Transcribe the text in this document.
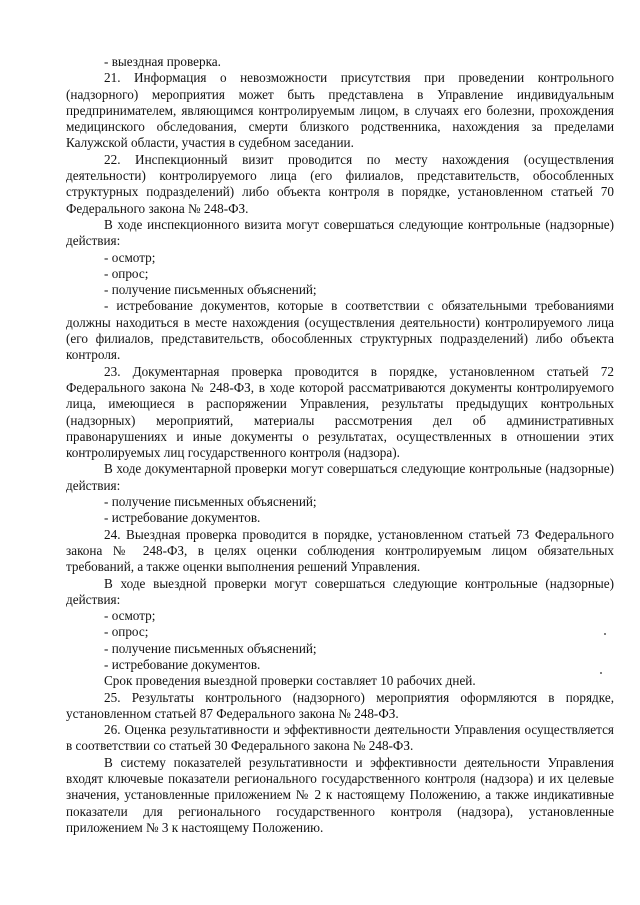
- выездная проверка.

21. Информация о невозможности присутствия при проведении контрольного (надзорного) мероприятия может быть представлена в Управление индивидуальным предпринимателем, являющимся контролируемым лицом, в случаях его болезни, прохождения медицинского обследования, смерти близкого родственника, нахождения за пределами Калужской области, участия в судебном заседании.

22. Инспекционный визит проводится по месту нахождения (осуществления деятельности) контролируемого лица (его филиалов, представительств, обособленных структурных подразделений) либо объекта контроля в порядке, установленном статьей 70 Федерального закона № 248-ФЗ.

В ходе инспекционного визита могут совершаться следующие контрольные (надзорные) действия:

- осмотр;

- опрос;

- получение письменных объяснений;

- истребование документов, которые в соответствии с обязательными требованиями должны находиться в месте нахождения (осуществления деятельности) контролируемого лица (его филиалов, представительств, обособленных структурных подразделений) либо объекта контроля.

23. Документарная проверка проводится в порядке, установленном статьей 72 Федерального закона № 248-ФЗ, в ходе которой рассматриваются документы контролируемого лица, имеющиеся в распоряжении Управления, результаты предыдущих контрольных (надзорных) мероприятий, материалы рассмотрения дел об административных правонарушениях и иные документы о результатах, осуществленных в отношении этих контролируемых лиц государственного контроля (надзора).

В ходе документарной проверки могут совершаться следующие контрольные (надзорные) действия:

- получение письменных объяснений;

- истребование документов.

24. Выездная проверка проводится в порядке, установленном статьей 73 Федерального закона № 248-ФЗ, в целях оценки соблюдения контролируемым лицом обязательных требований, а также оценки выполнения решений Управления.

В ходе выездной проверки могут совершаться следующие контрольные (надзорные) действия:

- осмотр;

- опрос;

- получение письменных объяснений;

- истребование документов.

Срок проведения выездной проверки составляет 10 рабочих дней.

25. Результаты контрольного (надзорного) мероприятия оформляются в порядке, установленном статьей 87 Федерального закона № 248-ФЗ.

26. Оценка результативности и эффективности деятельности Управления осуществляется в соответствии со статьей 30 Федерального закона № 248-ФЗ.

В систему показателей результативности и эффективности деятельности Управления входят ключевые показатели регионального государственного контроля (надзора) и их целевые значения, установленные приложением № 2 к настоящему Положению, а также индикативные показатели для регионального государственного контроля (надзора), установленные приложением № 3 к настоящему Положению.
